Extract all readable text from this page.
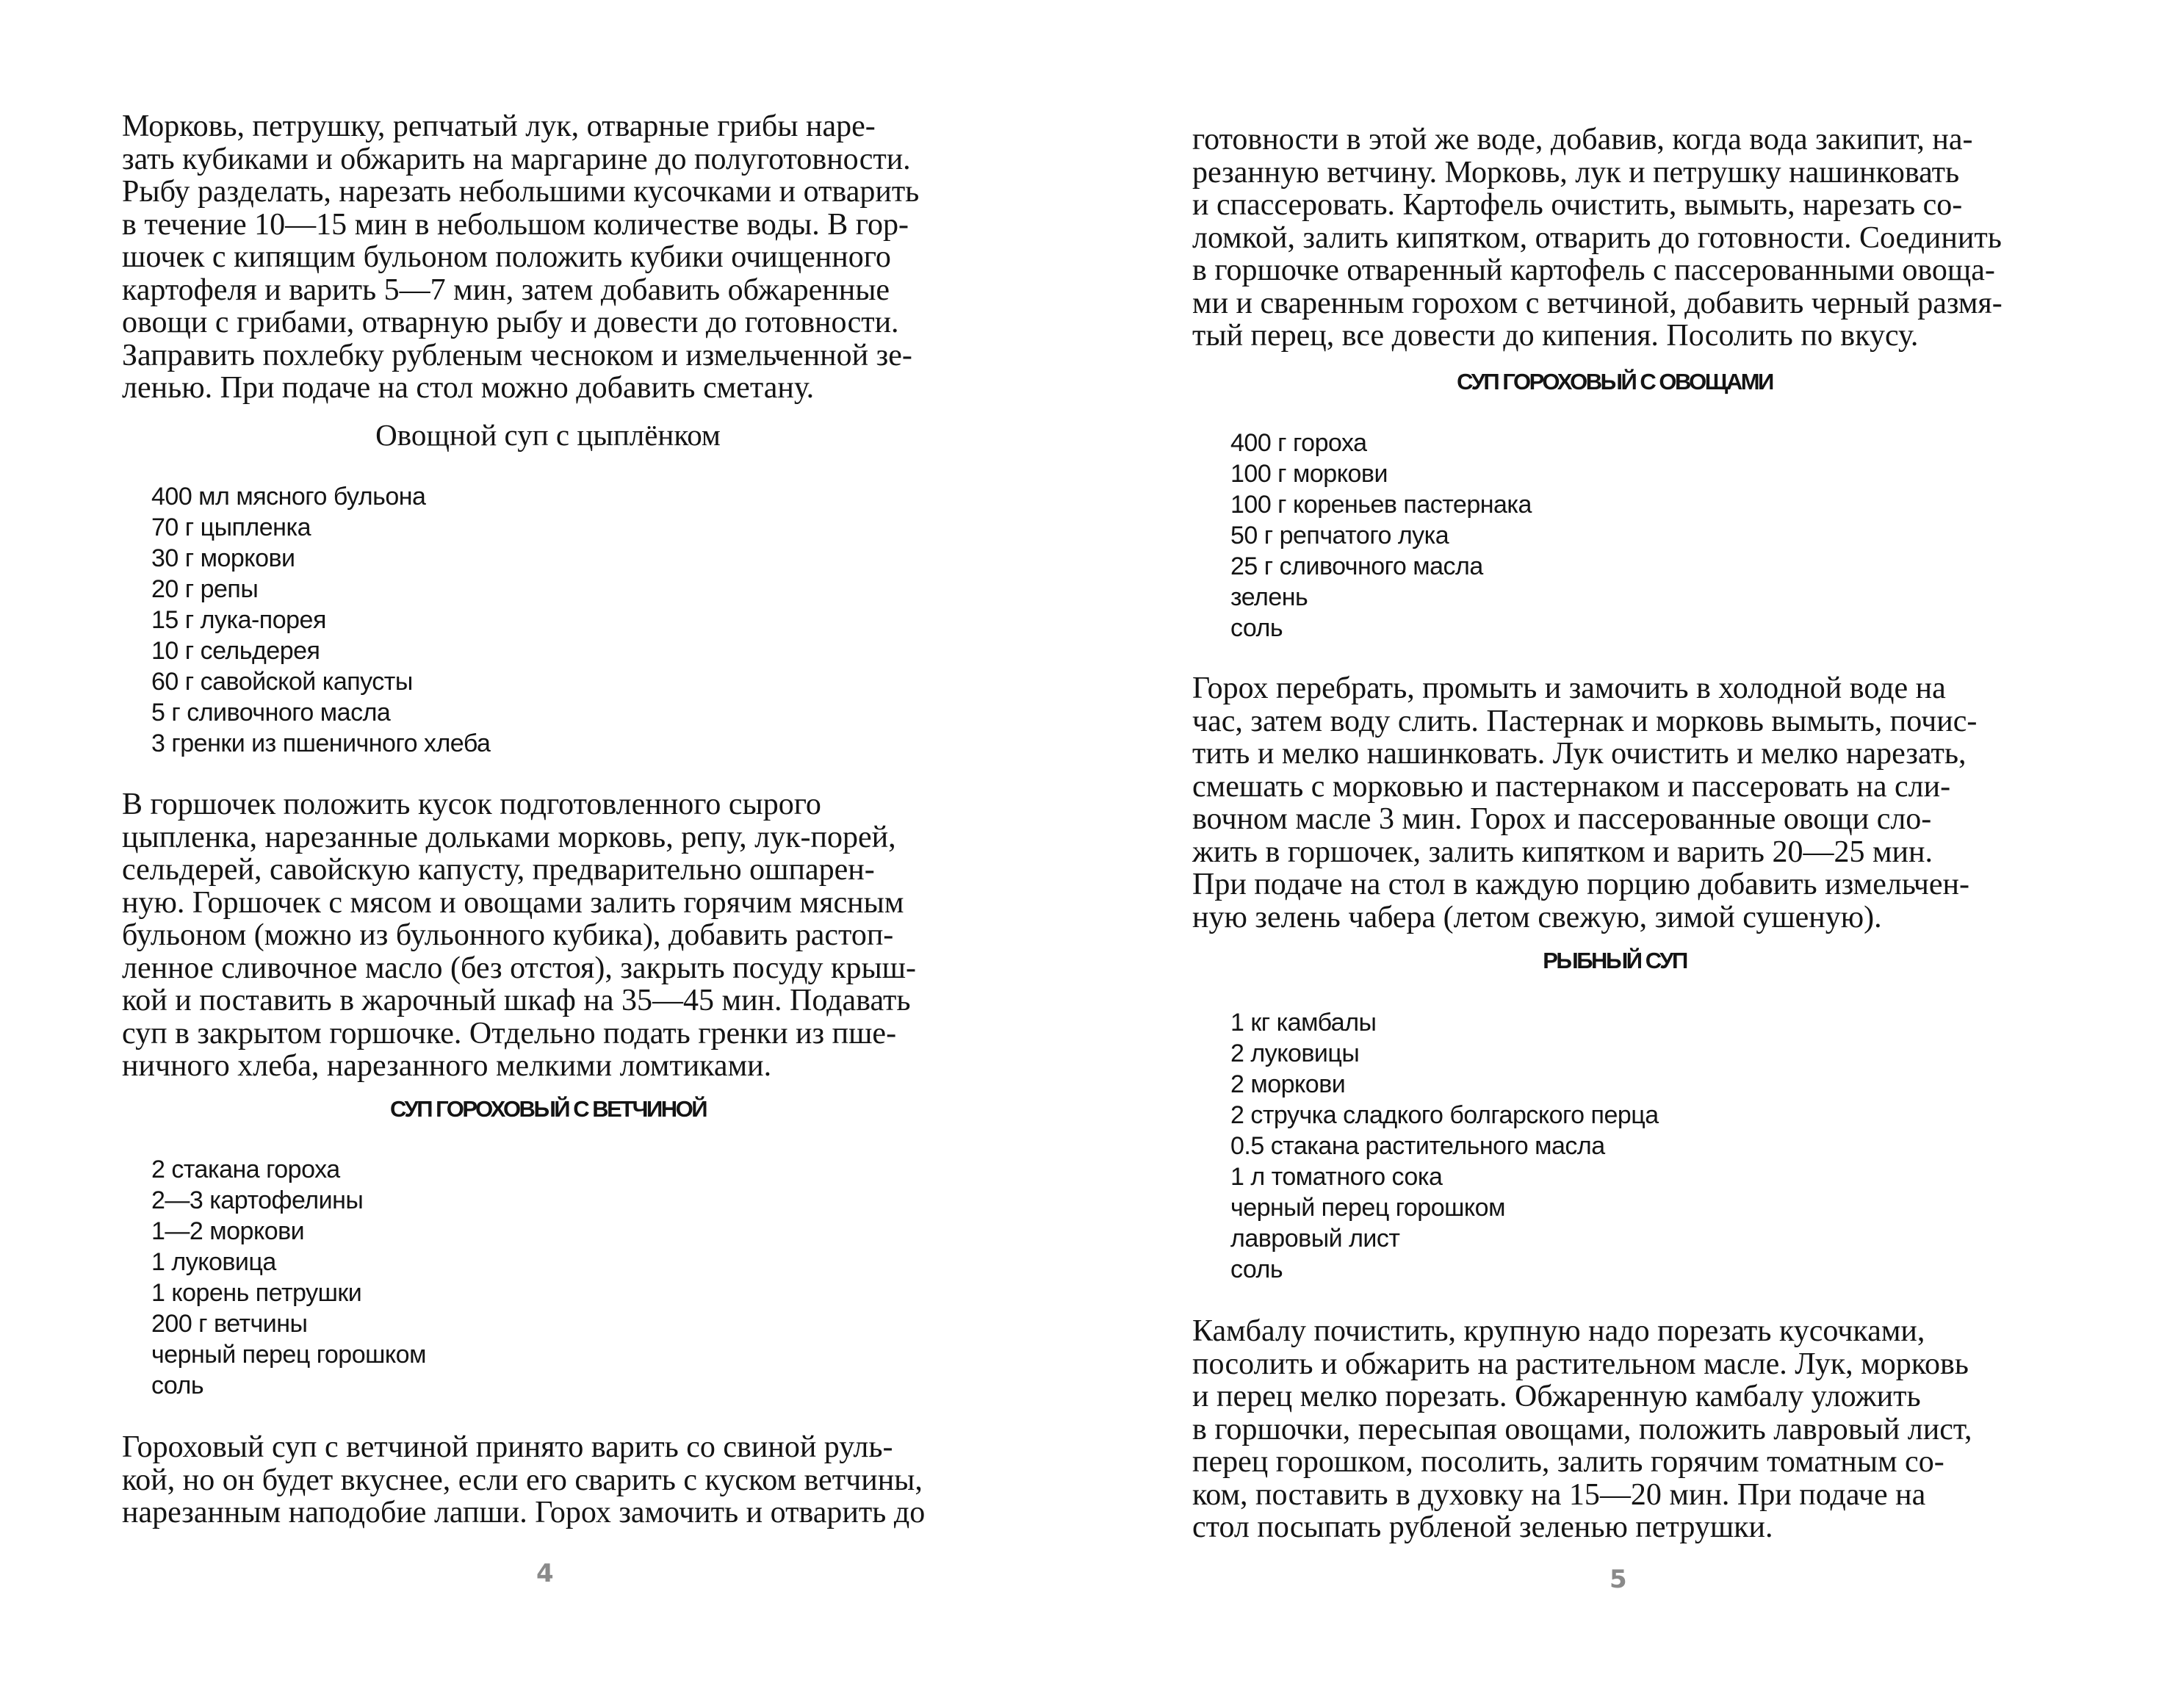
Морковь, петрушку, репчатый лук, отварные грибы наре-
зать кубиками и обжарить на маргарине до полуготовности.
Рыбу разделать, нарезать небольшими кусочками и отварить
в течение 10—15 мин в небольшом количестве воды. В гор-
шочек с кипящим бульоном положить кубики очищенного
картофеля и варить 5—7 мин, затем добавить обжаренные
овощи с грибами, отварную рыбу и довести до готовности.
Заправить похлебку рубленым чесноком и измельченной зе-
ленью. При подаче на стол можно добавить сметану.

Овощной суп с цыплёнком

400 мл мясного бульона
70 г цыпленка
30 г моркови
20 г репы
15 г лука-порея
10 г сельдерея
60 г савойской капусты
5 г сливочного масла
3 гренки из пшеничного хлеба
В горшочек положить кусок подготовленного сырого
цыпленка, нарезанные дольками морковь, репу, лук-порей,
сельдерей, савойскую капусту, предварительно ошпарен-
ную. Горшочек с мясом и овощами залить горячим мясным
бульоном (можно из бульонного кубика), добавить растоп-
ленное сливочное масло (без отстоя), закрыть посуду крыш-
кой и поставить в жарочный шкаф на 35—45 мин. Подавать
суп в закрытом горшочке. Отдельно подать гренки из пше-
ничного хлеба, нарезанного мелкими ломтиками.

СУП ГОРОХОВЫЙ С ВЕТЧИНОЙ

2 стакана гороха
2—3 картофелины
1—2 моркови
1 луковица
1 корень петрушки
200 г ветчины
черный перец горошком
соль
Гороховый суп с ветчиной принято варить со свиной руль-
кой, но он будет вкуснее, если его сварить с куском ветчины,
нарезанным наподобие лапши. Горох замочить и отварить до

4

готовности в этой же воде, добавив, когда вода закипит, на-
резанную ветчину. Морковь, лук и петрушку нашинковать
и спассеровать. Картофель очистить, вымыть, нарезать со-
ломкой, залить кипятком, отварить до готовности. Соединить
в горшочке отваренный картофель с пассерованными овоща-
ми и сваренным горохом с ветчиной, добавить черный размя-
тый перец, все довести до кипения. Посолить по вкусу.

СУП ГОРОХОВЫЙ С ОВОЩАМИ

400 г гороха
100 г моркови
100 г кореньев пастернака
50 г репчатого лука
25 г сливочного масла
зелень
соль
Горох перебрать, промыть и замочить в холодной воде на
час, затем воду слить. Пастернак и морковь вымыть, почис-
тить и мелко нашинковать. Лук очистить и мелко нарезать,
смешать с морковью и пастернаком и пассеровать на сли-
вочном масле 3 мин. Горох и пассерованные овощи сло-
жить в горшочек, залить кипятком и варить 20—25 мин.
При подаче на стол в каждую порцию добавить измельчен-
ную зелень чабера (летом свежую, зимой сушеную).

РЫБНЫЙ СУП

1 кг камбалы
2 луковицы
2 моркови
2 стручка сладкого болгарского перца
0.5 стакана растительного масла
1 л томатного сока
черный перец горошком
лавровый лист
соль
Камбалу почистить, крупную надо порезать кусочками,
посолить и обжарить на растительном масле. Лук, морковь
и перец мелко порезать. Обжаренную камбалу уложить
в горшочки, пересыпая овощами, положить лавровый лист,
перец горошком, посолить, залить горячим томатным со-
ком, поставить в духовку на 15—20 мин. При подаче на
стол посыпать рубленой зеленью петрушки.

5
